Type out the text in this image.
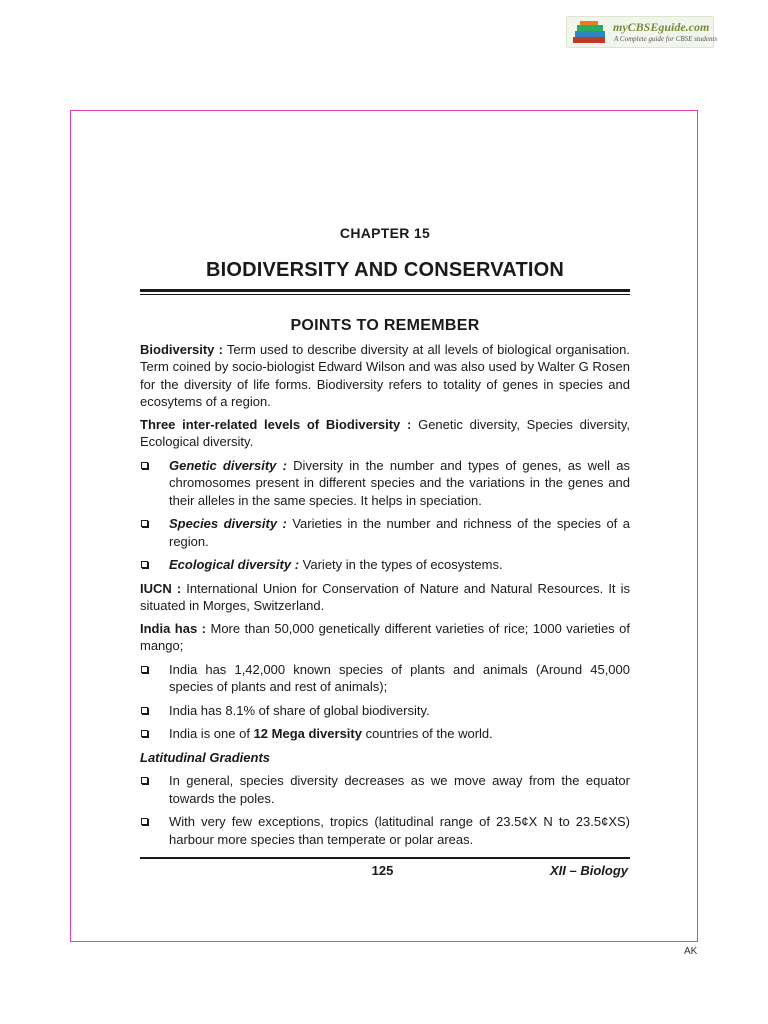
myCBSEguide.com
A Complete guide for CBSE students
CHAPTER 15
BIODIVERSITY AND CONSERVATION
POINTS TO REMEMBER

Biodiversity : Term used to describe diversity at all levels of biological organisation. Term coined by socio-biologist Edward Wilson and was also used by Walter G Rosen for the diversity of life forms. Biodiversity refers to totality of genes in species and ecosytems of a region.

Three inter-related levels of Biodiversity : Genetic diversity, Species diversity, Ecological diversity.

Genetic diversity : Diversity in the number and types of genes, as well as chromosomes present in different species and the variations in the genes and their alleles in the same species. It helps in speciation.
Species diversity : Varieties in the number and richness of the species of a region.
Ecological diversity : Variety in the types of ecosystems.

IUCN : International Union for Conservation of Nature and Natural Resources. It is situated in Morges, Switzerland.

India has : More than 50,000 genetically different varieties of rice; 1000 varieties of mango;

India has 1,42,000 known species of plants and animals (Around 45,000 species of plants and rest of animals);
India has 8.1% of share of global biodiversity.
India is one of 12 Mega diversity countries of the world.

Latitudinal Gradients

In general, species diversity decreases as we move away from the equator towards the poles.
With very few exceptions, tropics (latitudinal range of 23.5¢X N to 23.5¢XS) harbour more species than temperate or polar areas.
125	XII – Biology
AK
